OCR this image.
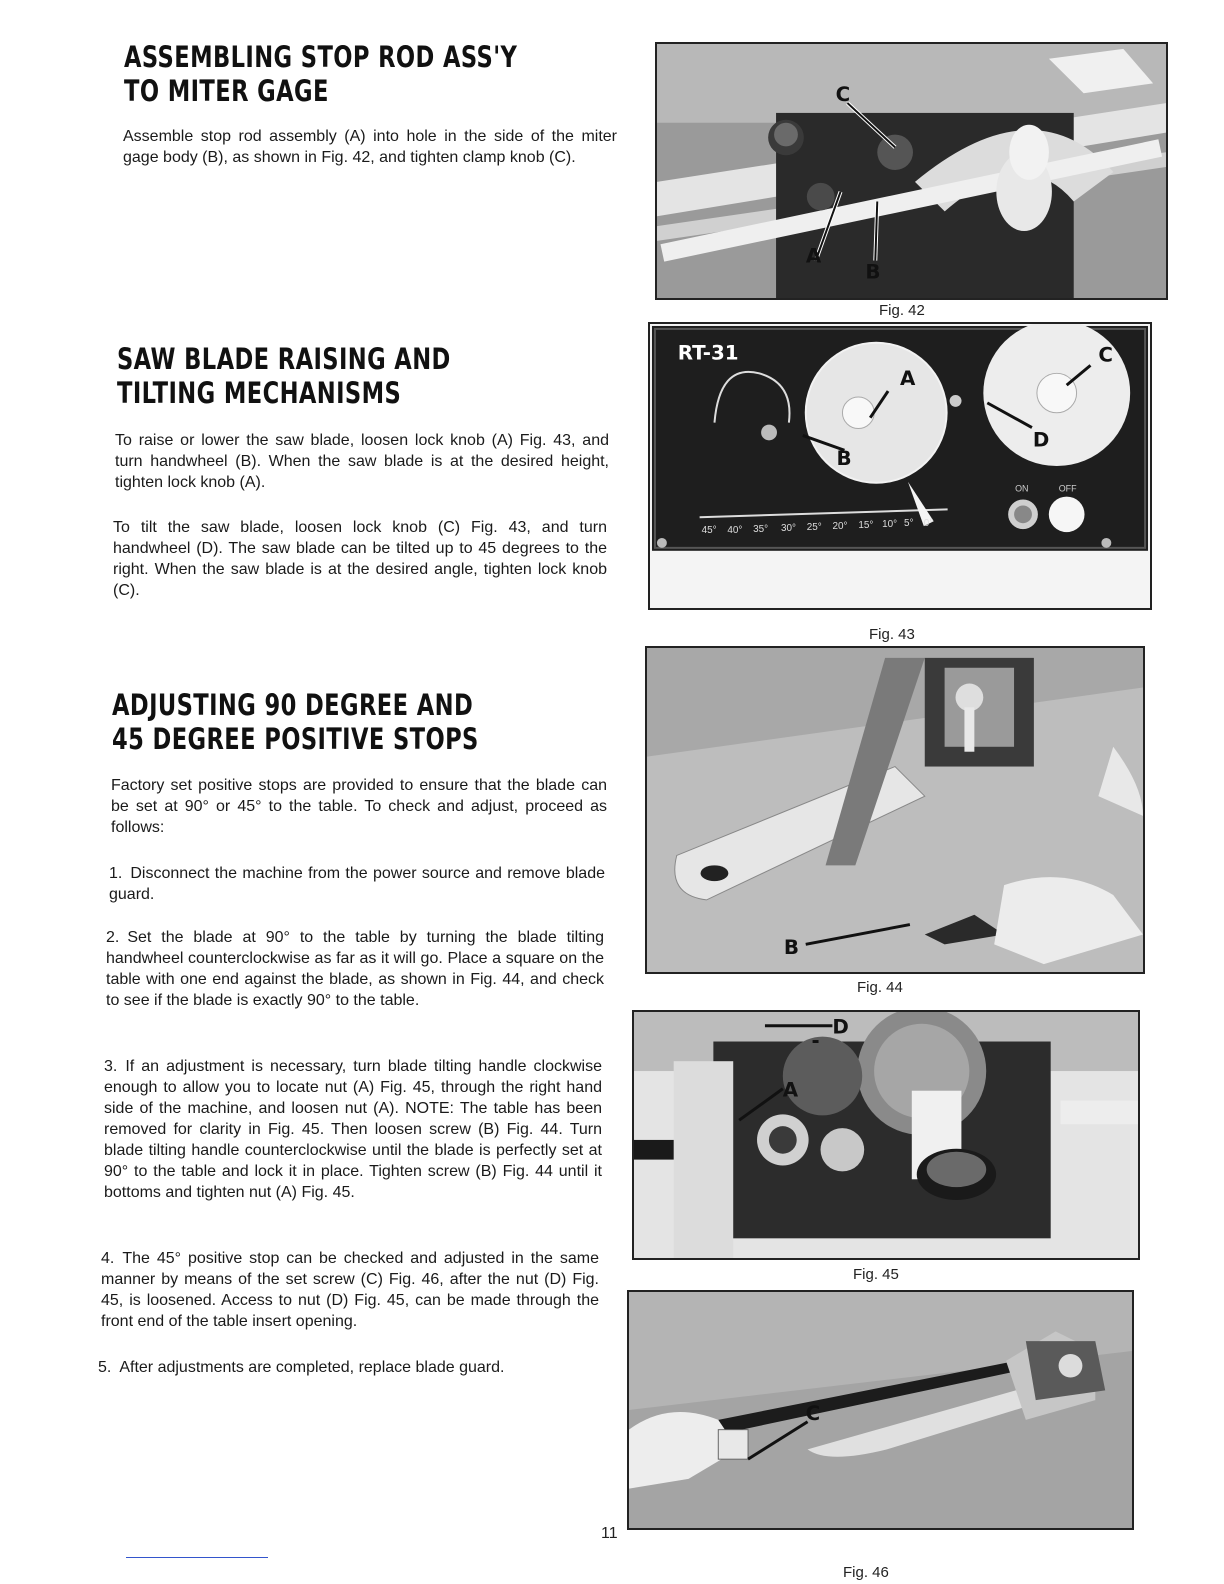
ASSEMBLING STOP ROD ASS'Y
TO MITER GAGE

Assemble stop rod assembly (A) into hole in the side of the miter gage body (B), as shown in Fig. 42, and tighten clamp knob (C).

SAW BLADE RAISING AND
TILTING MECHANISMS

To raise or lower the saw blade, loosen lock knob (A) Fig. 43, and turn handwheel (B). When the saw blade is at the desired height, tighten lock knob (A).

To tilt the saw blade, loosen lock knob (C) Fig. 43, and turn handwheel (D). The saw blade can be tilted up to 45 degrees to the right. When the saw blade is at the desired angle, tighten lock knob (C).

ADJUSTING 90 DEGREE AND
45 DEGREE POSITIVE STOPS

Factory set positive stops are provided to ensure that the blade can be set at 90° or 45° to the table. To check and adjust, proceed as follows:

1. Disconnect the machine from the power source and remove blade guard.

2. Set the blade at 90° to the table by turning the blade tilting handwheel counterclockwise as far as it will go. Place a square on the table with one end against the blade, as shown in Fig. 44, and check to see if the blade is exactly 90° to the table.

3. If an adjustment is necessary, turn blade tilting handle clockwise enough to allow you to locate nut (A) Fig. 45, through the right hand side of the machine, and loosen nut (A). NOTE: The table has been removed for clarity in Fig. 45. Then loosen screw (B) Fig. 44. Turn blade tilting handle counterclockwise until the blade is perfectly set at 90° to the table and lock it in place. Tighten screw (B) Fig. 44 until it bottoms and tighten nut (A) Fig. 45.

4. The 45° positive stop can be checked and adjusted in the same manner by means of the set screw (C) Fig. 46, after the nut (D) Fig. 45, is loosened. Access to nut (D) Fig. 45, can be made through the front end of the table insert opening.

5. After adjustments are completed, replace blade guard.

C
A
B
Fig. 42
RT-31
A
B
C
D
ON	OFF
45° 40° 35° 30° 25° 20° 15° 10° 5° 0°
Fig. 43
B
Fig. 44
D
A
Fig. 45
C
Fig. 46
11
